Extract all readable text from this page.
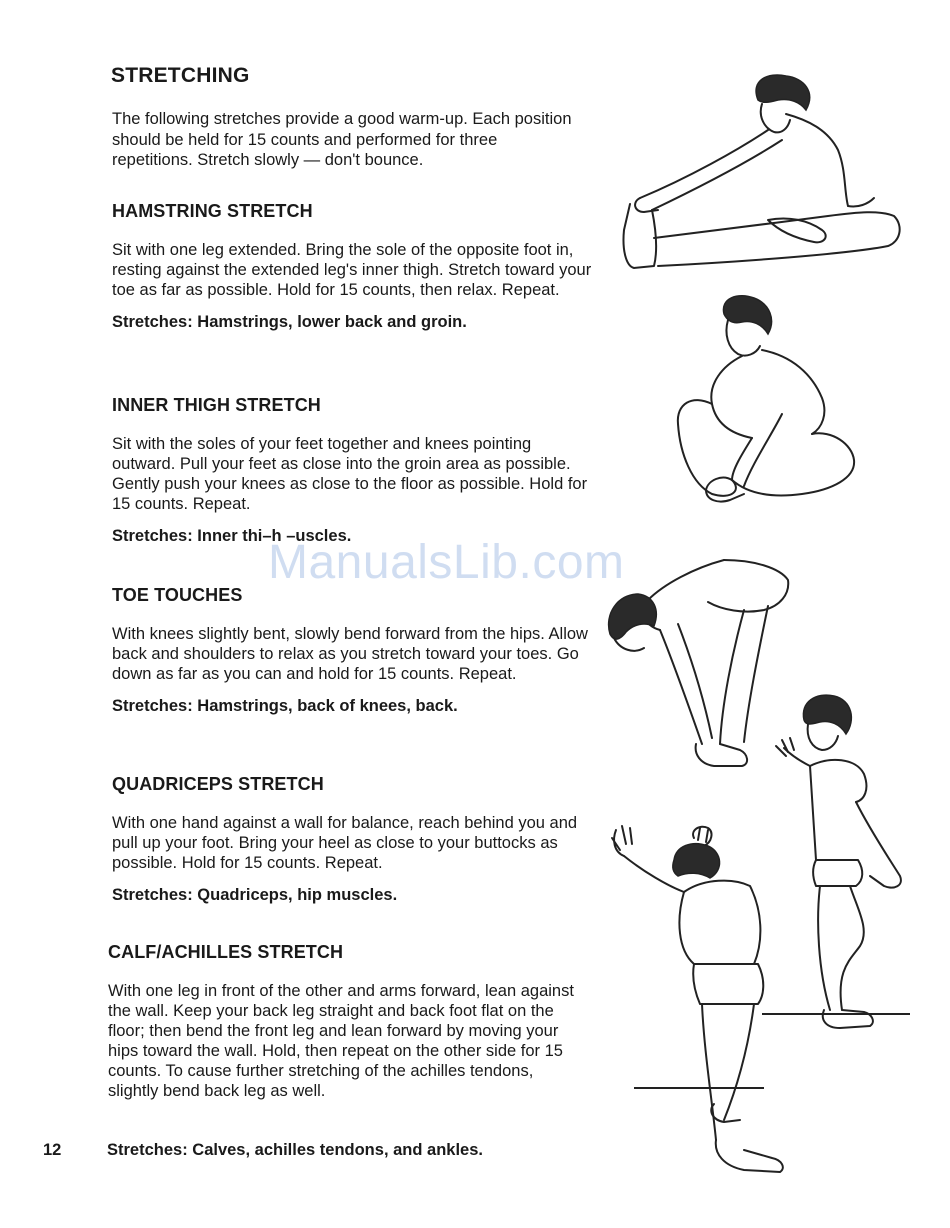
STRETCHING

The following stretches provide a good warm-up. Each position should be held for 15 counts and performed for three repetitions. Stretch slowly — don't bounce.

HAMSTRING STRETCH

Sit with one leg extended. Bring the sole of the opposite foot in, resting against the extended leg's inner thigh. Stretch toward your toe as far as possible. Hold for 15 counts, then relax. Repeat.

Stretches: Hamstrings, lower back and groin.

INNER THIGH STRETCH

Sit with the soles of your feet together and knees pointing outward. Pull your feet as close into the groin area as possible. Gently push your knees as close to the floor as possible. Hold for 15 counts. Repeat.

Stretches: Inner thi–h –uscles.

TOE TOUCHES

With knees slightly bent, slowly bend forward from the hips. Allow back and shoulders to relax as you stretch toward your toes. Go down as far as you can and hold for 15 counts. Repeat.

Stretches: Hamstrings, back of knees, back.

QUADRICEPS STRETCH

With one hand against a wall for balance, reach behind you and pull up your foot. Bring your heel as close to your buttocks as possible. Hold for 15 counts. Repeat.

Stretches: Quadriceps, hip muscles.

CALF/ACHILLES STRETCH

With one leg in front of the other and arms forward, lean against the wall. Keep your back leg straight and back foot flat on the floor; then bend the front leg and lean forward by moving your hips toward the wall. Hold, then repeat on the other side for 15 counts. To cause further stretching of the achilles tendons, slightly bend back leg as well.

12	Stretches: Calves, achilles tendons, and ankles.
ManualsLib.com
